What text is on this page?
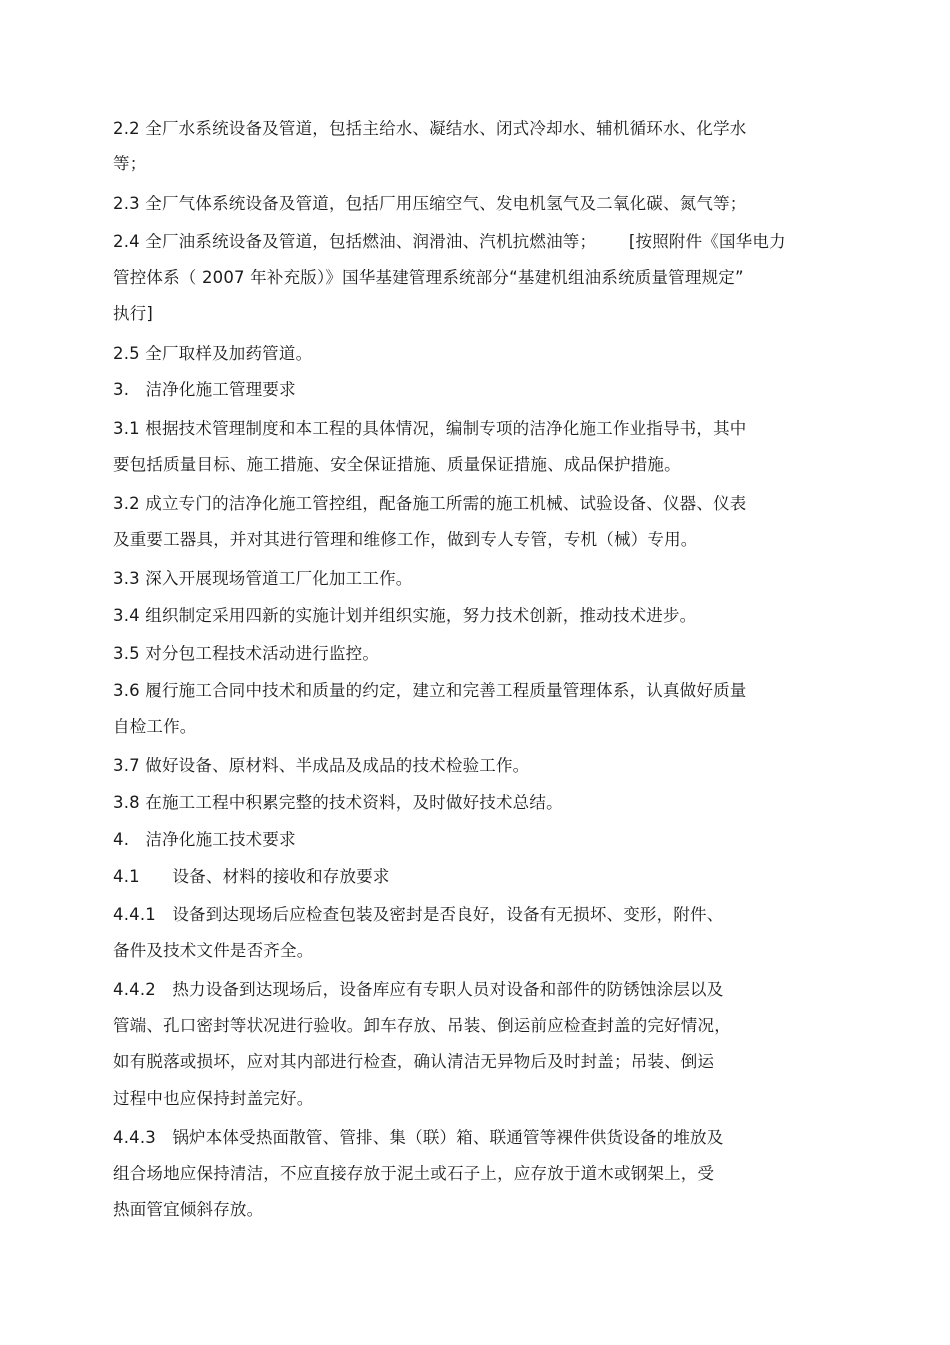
2.2 全厂水系统设备及管道，包括主给水、凝结水、闭式冷却水、辅机循环水、化学水
等；
2.3 全厂气体系统设备及管道，包括厂用压缩空气、发电机氢气及二氧化碳、氮气等；
2.4 全厂油系统设备及管道，包括燃油、润滑油、汽机抗燃油等；      [按照附件《国华电力
管控体系（ 2007 年补充版）》国华基建管理系统部分“基建机组油系统质量管理规定”
执行]
2.5 全厂取样及加药管道。
3.   洁净化施工管理要求
3.1 根据技术管理制度和本工程的具体情况，编制专项的洁净化施工作业指导书，其中
要包括质量目标、施工措施、安全保证措施、质量保证措施、成品保护措施。
3.2 成立专门的洁净化施工管控组，配备施工所需的施工机械、试验设备、仪器、仪表
及重要工器具，并对其进行管理和维修工作，做到专人专管，专机（械）专用。
3.3 深入开展现场管道工厂化加工工作。
3.4 组织制定采用四新的实施计划并组织实施，努力技术创新，推动技术进步。
3.5 对分包工程技术活动进行监控。
3.6 履行施工合同中技术和质量的约定，建立和完善工程质量管理体系，认真做好质量
自检工作。
3.7 做好设备、原材料、半成品及成品的技术检验工作。
3.8 在施工工程中积累完整的技术资料，及时做好技术总结。
4.   洁净化施工技术要求
4.1      设备、材料的接收和存放要求
4.4.1   设备到达现场后应检查包装及密封是否良好，设备有无损坏、变形，附件、
备件及技术文件是否齐全。
4.4.2   热力设备到达现场后，设备库应有专职人员对设备和部件的防锈蚀涂层以及
管端、孔口密封等状况进行验收。卸车存放、吊装、倒运前应检查封盖的完好情况，
如有脱落或损坏，应对其内部进行检查，确认清洁无异物后及时封盖；吊装、倒运
过程中也应保持封盖完好。
4.4.3   锅炉本体受热面散管、管排、集（联）箱、联通管等裸件供货设备的堆放及
组合场地应保持清洁，不应直接存放于泥土或石子上，应存放于道木或钢架上，受
热面管宜倾斜存放。
